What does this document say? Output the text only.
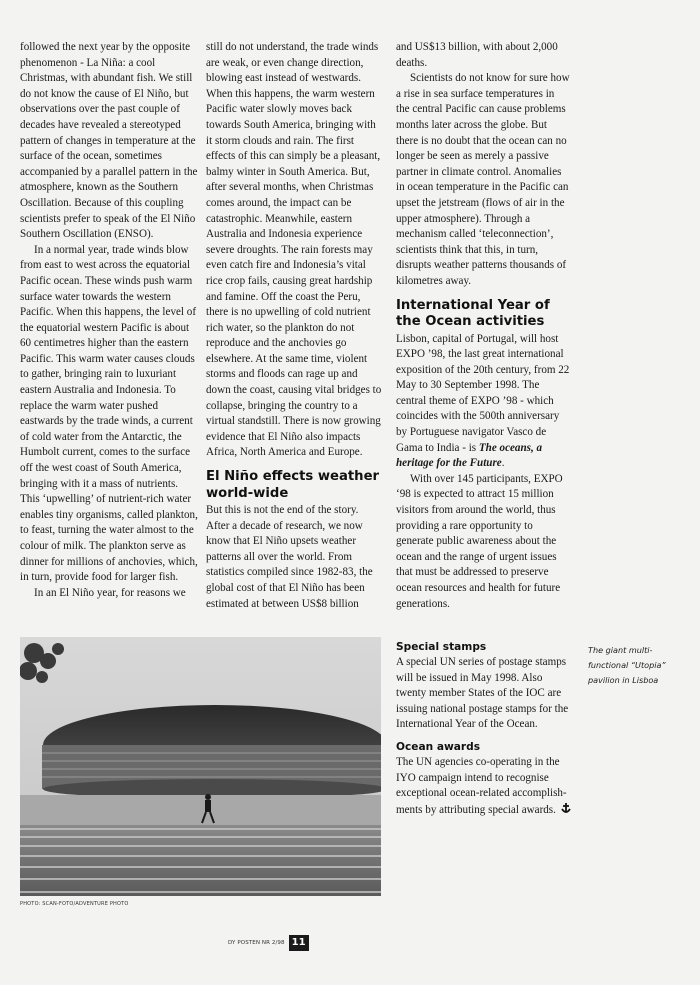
followed the next year by the opposite phenomenon - La Niña: a cool Christmas, with abundant fish. We still do not know the cause of El Niño, but observations over the past couple of decades have revealed a stereotyped pattern of changes in temperature at the surface of the ocean, sometimes accompanied by a parallel pattern in the atmosphere, known as the Southern Oscillation. Because of this coupling scientists prefer to speak of the El Niño Southern Oscillation (ENSO).

In a normal year, trade winds blow from east to west across the equatorial Pacific ocean. These winds push warm surface water towards the western Pacific. When this happens, the level of the equatorial western Pacific is about 60 centimetres higher than the eastern Pacific. This warm water causes clouds to gather, bringing rain to luxuriant eastern Australia and Indonesia. To replace the warm water pushed eastwards by the trade winds, a current of cold water from the Antarctic, the Humbolt current, comes to the surface off the west coast of South America, bringing with it a mass of nutrients. This ‘upwelling’ of nutrient-rich water enables tiny organisms, called plankton, to feast, turning the water almost to the colour of milk. The plankton serve as dinner for millions of anchovies, which, in turn, provide food for larger fish.

In an El Niño year, for reasons we

still do not understand, the trade winds are weak, or even change direction, blowing east instead of westwards. When this happens, the warm western Pacific water slowly moves back towards South America, bringing with it storm clouds and rain. The first effects of this can simply be a pleasant, balmy winter in South America. But, after several months, when Christmas comes around, the impact can be catastrophic. Meanwhile, eastern Australia and Indonesia experience severe droughts. The rain forests may even catch fire and Indonesia’s vital rice crop fails, causing great hardship and famine. Off the coast the Peru, there is no upwelling of cold nutrient rich water, so the plankton do not reproduce and the anchovies go elsewhere. At the same time, violent storms and floods can rage up and down the coast, causing vital bridges to collapse, bringing the country to a virtual standstill. There is now growing evidence that El Niño also impacts Africa, North America and Europe.

El Niño effects weather world-wide

But this is not the end of the story. After a decade of research, we now know that El Niño upsets weather patterns all over the world. From statistics compiled since 1982-83, the global cost of that El Niño has been estimated at between US$8 billion

and US$13 billion, with about 2,000 deaths.

Scientists do not know for sure how a rise in sea surface temperatures in the central Pacific can cause problems months later across the globe. But there is no doubt that the ocean can no longer be seen as merely a passive partner in climate control. Anomalies in ocean temperature in the Pacific can upset the jetstream (flows of air in the upper atmosphere). Through a mechanism called ‘teleconnection’, scientists think that this, in turn, disrupts weather patterns thousands of kilometres away.

International Year of the Ocean activities

Lisbon, capital of Portugal, will host EXPO ’98, the last great international exposition of the 20th century, from 22 May to 30 September 1998. The central theme of EXPO ’98 - which coincides with the 500th anniversary by Portuguese navigator Vasco de Gama to India - is The oceans, a heritage for the Future.

With over 145 participants, EXPO ‘98 is expected to attract 15 million visitors from around the world, thus providing a rare opportunity to generate public awareness about the ocean and the range of urgent issues that must be addressed to preserve ocean resources and health for future generations.

PHOTO: SCAN-FOTO/ADVENTURE PHOTO
The giant multi-functional “Utopia” pavilion in Lisboa
Special stamps

A special UN series of postage stamps will be issued in May 1998. Also twenty member States of the IOC are issuing national postage stamps for the International Year of the Ocean.

Ocean awards

The UN agencies co-operating in the IYO campaign intend to recognise exceptional ocean-related accomplish-ments by attributing special awards.

DY POSTEN NR 2/98 11
